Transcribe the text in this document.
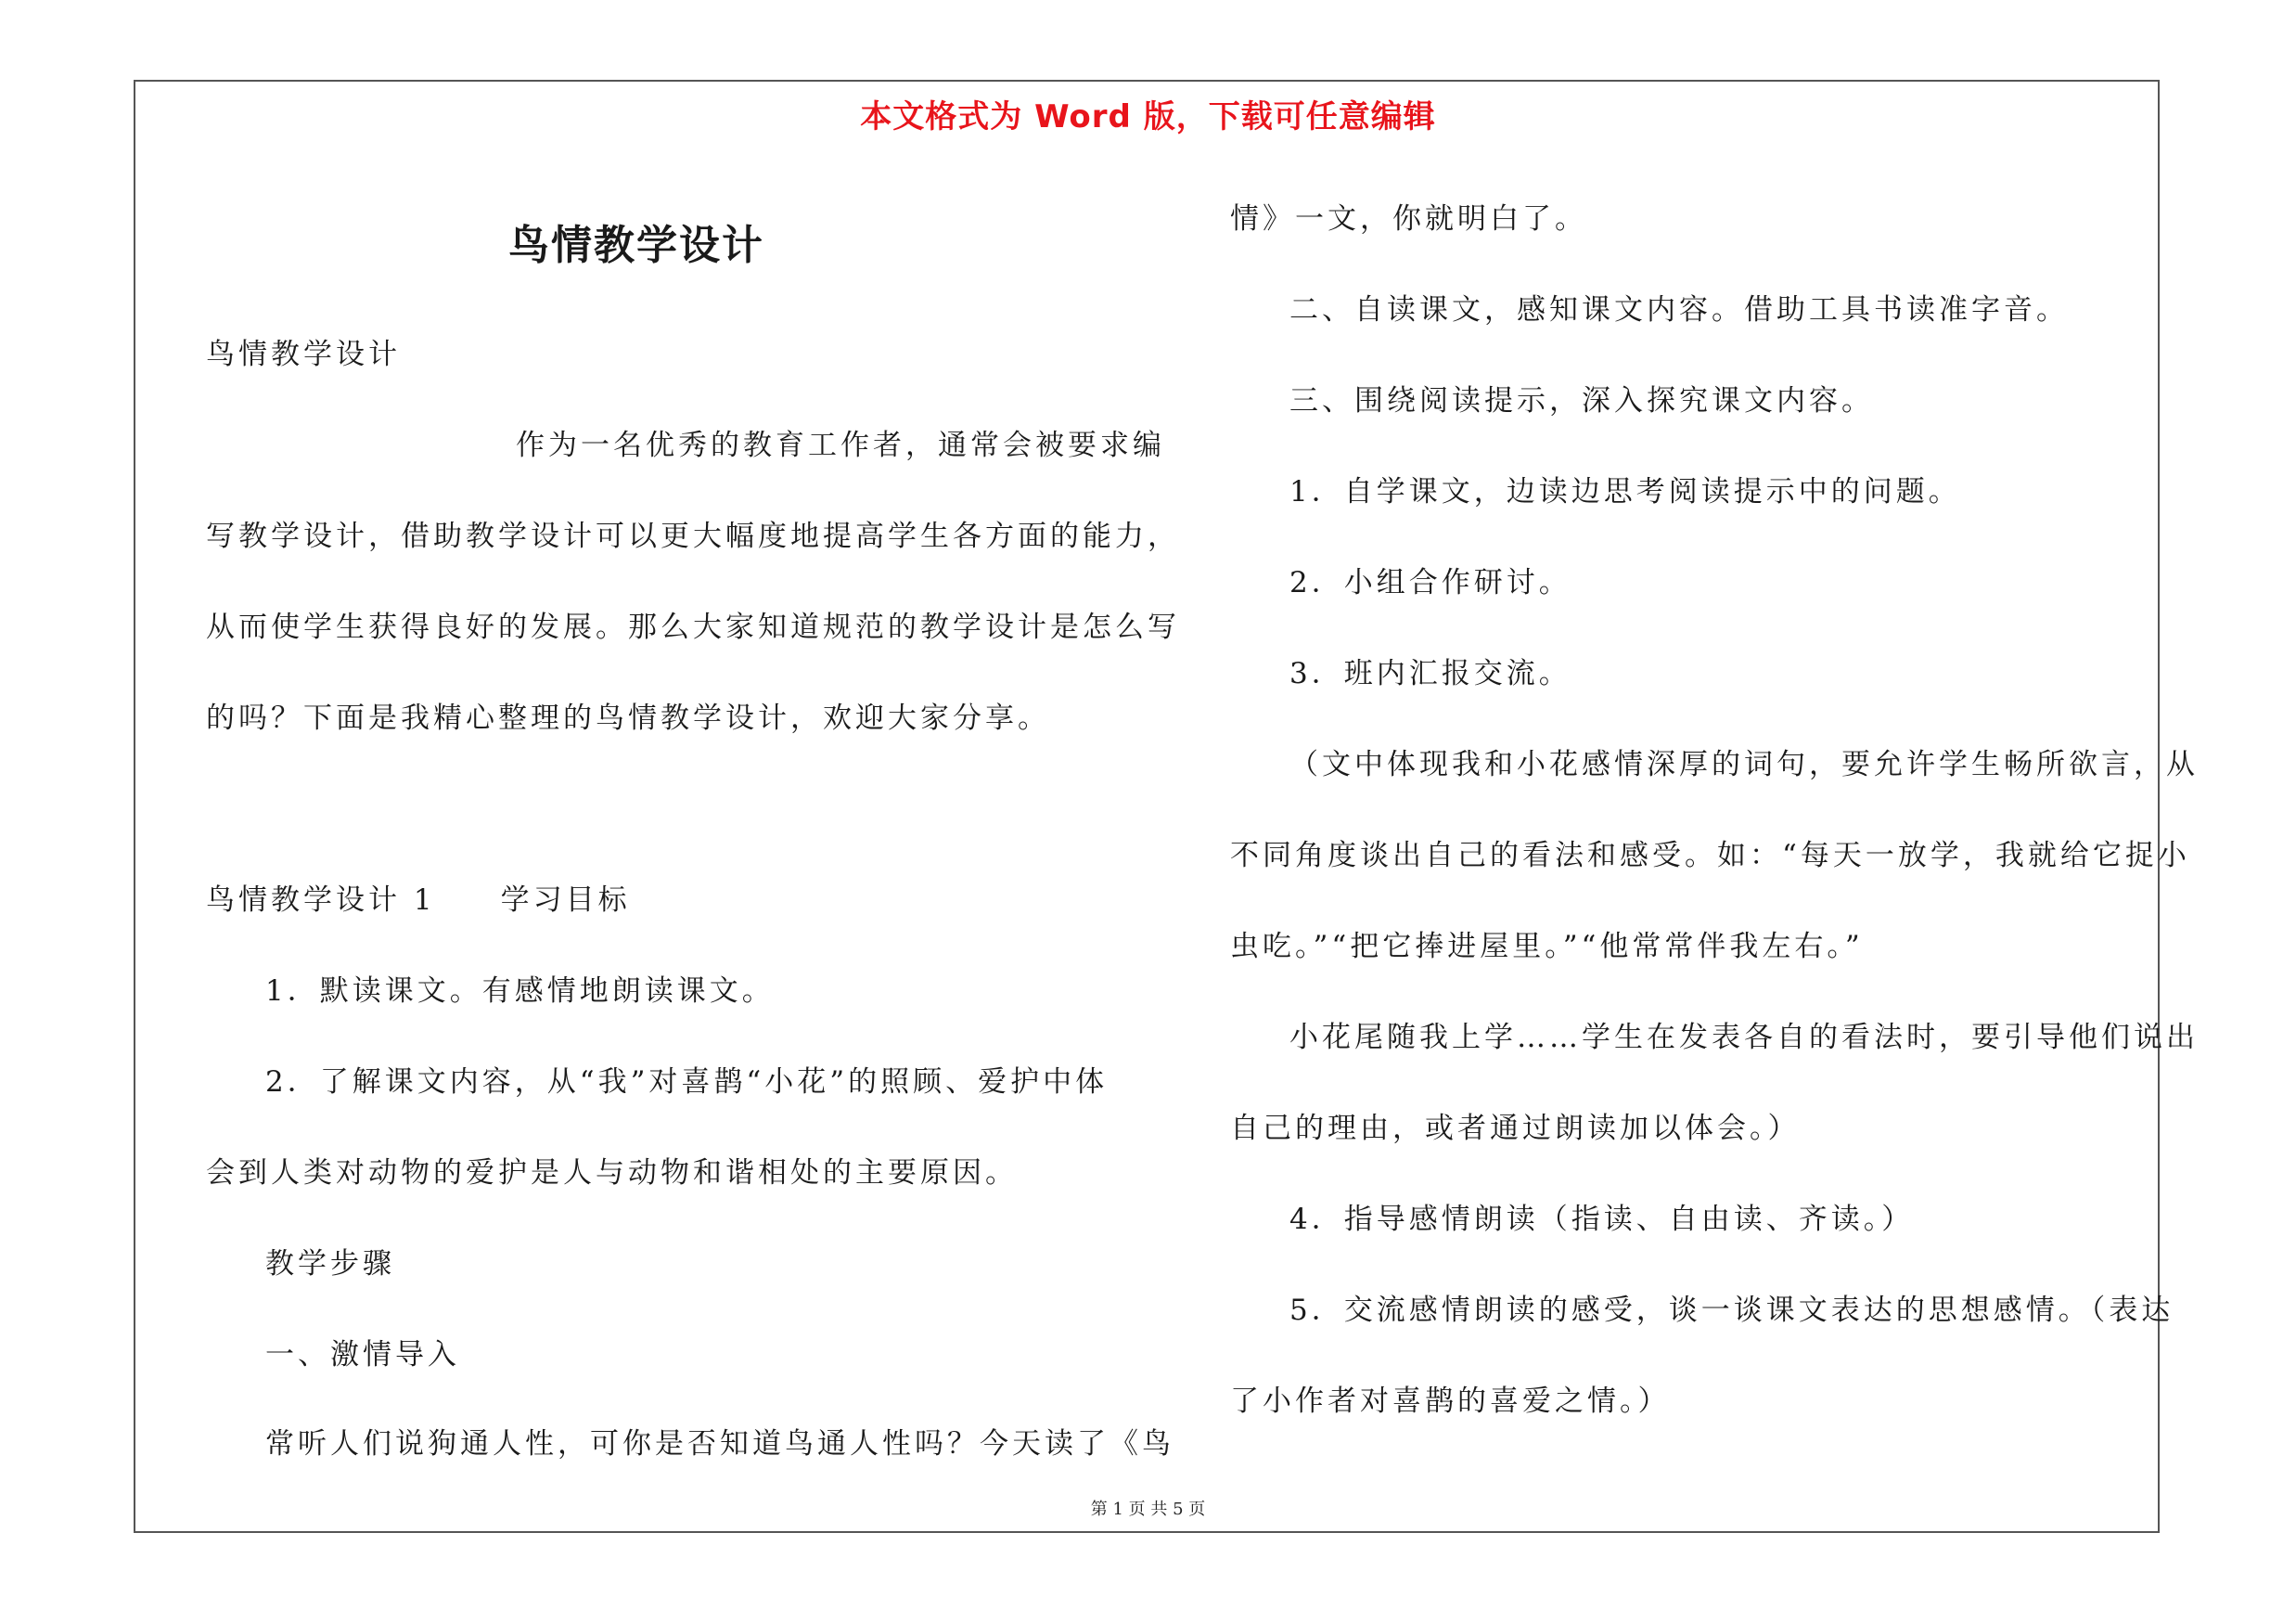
本文格式为 Word 版，下载可任意编辑
鸟情教学设计
鸟情教学设计
作为一名优秀的教育工作者，通常会被要求编
写教学设计，借助教学设计可以更大幅度地提高学生各方面的能力，
从而使学生获得良好的发展。那么大家知道规范的教学设计是怎么写
的吗？下面是我精心整理的鸟情教学设计，欢迎大家分享。
鸟情教学设计 1　　学习目标
1．默读课文。有感情地朗读课文。
2．了解课文内容，从“我”对喜鹊“小花”的照顾、爱护中体
会到人类对动物的爱护是人与动物和谐相处的主要原因。
教学步骤
一、激情导入
常听人们说狗通人性，可你是否知道鸟通人性吗？今天读了《鸟
情》一文，你就明白了。
二、自读课文，感知课文内容。借助工具书读准字音。
三、围绕阅读提示，深入探究课文内容。
1．自学课文，边读边思考阅读提示中的问题。
2．小组合作研讨。
3．班内汇报交流。
（文中体现我和小花感情深厚的词句，要允许学生畅所欲言，从
不同角度谈出自己的看法和感受。如：“每天一放学，我就给它捉小
虫吃。”“把它捧进屋里。”“他常常伴我左右。”
小花尾随我上学……学生在发表各自的看法时，要引导他们说出
自己的理由，或者通过朗读加以体会。）
4．指导感情朗读（指读、自由读、齐读。）
5．交流感情朗读的感受，谈一谈课文表达的思想感情。（表达
了小作者对喜鹊的喜爱之情。）
第 1 页 共 5 页
